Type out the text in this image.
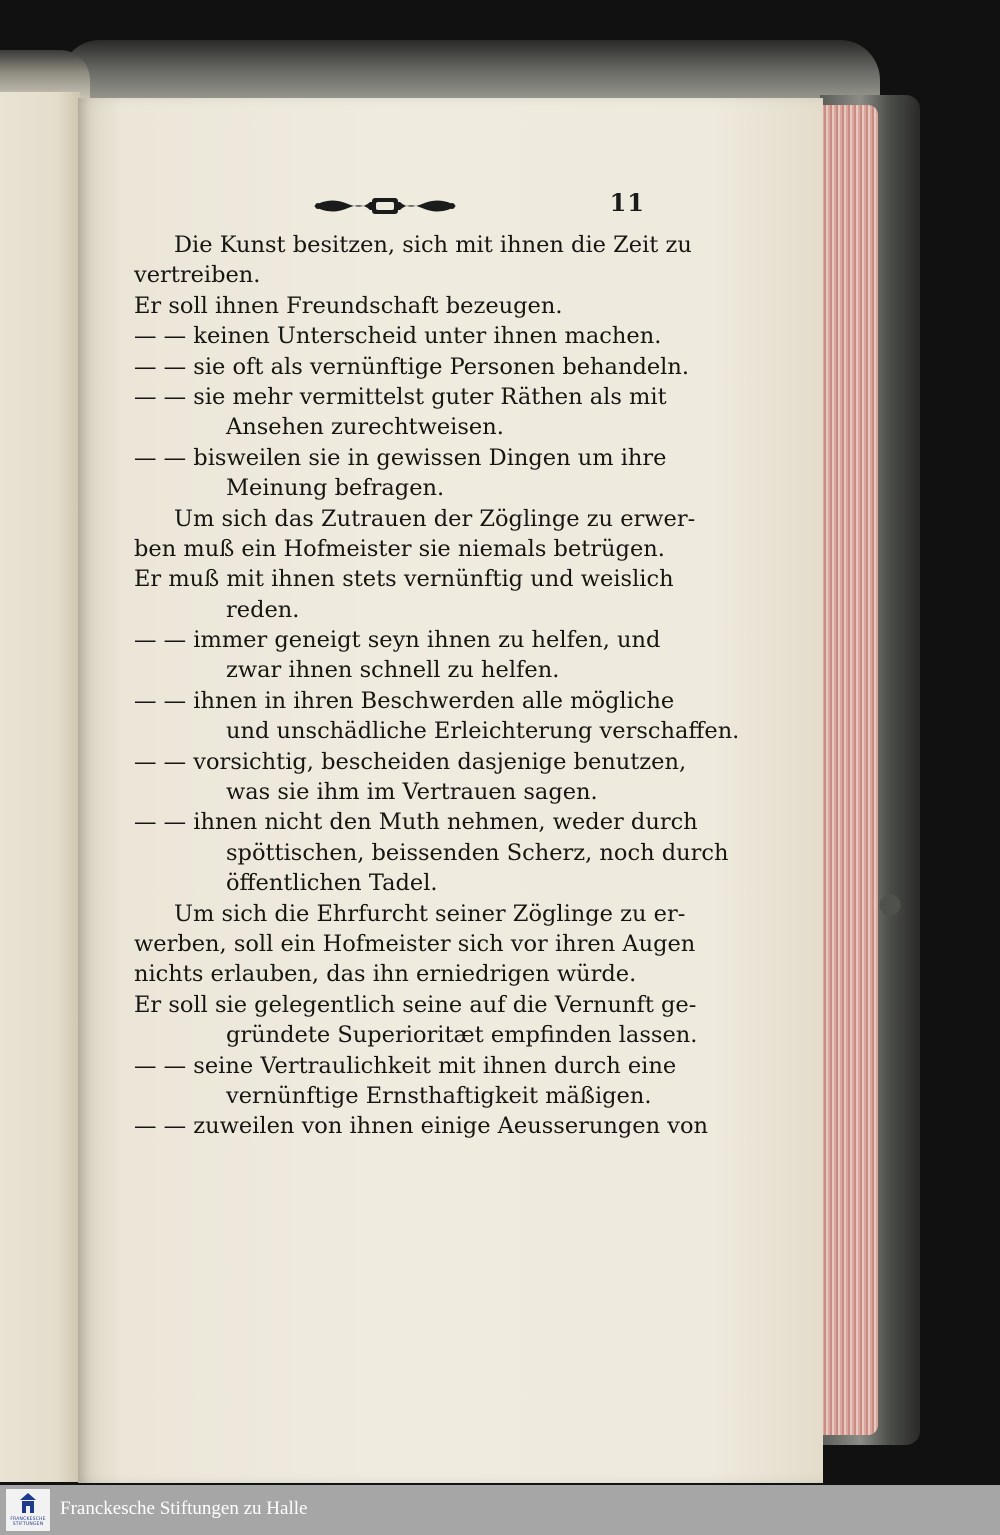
11
Die Kunst besitzen, sich mit ihnen die Zeit zu
vertreiben.
Er soll ihnen Freundschaft bezeugen.
— — keinen Unterscheid unter ihnen machen.
— — sie oft als vernünftige Personen behandeln.
— — sie mehr vermittelst guter Räthen als mit
Ansehen zurechtweisen.
— — bisweilen sie in gewissen Dingen um ihre
Meinung befragen.
Um sich das Zutrauen der Zöglinge zu erwer-
ben muß ein Hofmeister sie niemals betrügen.
Er muß mit ihnen stets vernünftig und weislich
reden.
— — immer geneigt seyn ihnen zu helfen, und
zwar ihnen schnell zu helfen.
— — ihnen in ihren Beschwerden alle mögliche
und unschädliche Erleichterung verschaffen.
— — vorsichtig, bescheiden dasjenige benutzen,
was sie ihm im Vertrauen sagen.
— — ihnen nicht den Muth nehmen, weder durch
spöttischen, beissenden Scherz, noch durch
öffentlichen Tadel.
Um sich die Ehrfurcht seiner Zöglinge zu er-
werben, soll ein Hofmeister sich vor ihren Augen
nichts erlauben, das ihn erniedrigen würde.
Er soll sie gelegentlich seine auf die Vernunft ge-
gründete Superioritæt empfinden lassen.
— — seine Vertraulichkeit mit ihnen durch eine
vernünftige Ernsthaftigkeit mäßigen.
— — zuweilen von ihnen einige Aeusserungen von
FRANCKESCHE
STIFTUNGEN
Franckesche Stiftungen zu Halle
